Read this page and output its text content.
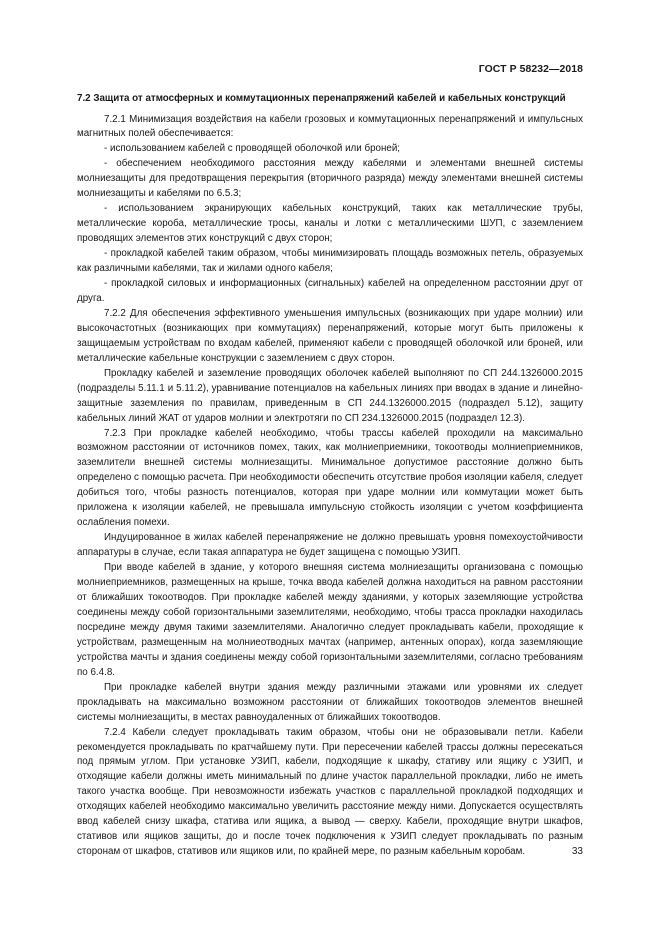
ГОСТ Р 58232—2018
7.2 Защита от атмосферных и коммутационных перенапряжений кабелей и кабельных конструкций

7.2.1 Минимизация воздействия на кабели грозовых и коммутационных перенапряжений и импульсных магнитных полей обеспечивается:

- использованием кабелей с проводящей оболочкой или броней;

- обеспечением необходимого расстояния между кабелями и элементами внешней системы молниезащиты для предотвращения перекрытия (вторичного разряда) между элементами внешней системы молниезащиты и кабелями по 6.5.3;

- использованием экранирующих кабельных конструкций, таких как металлические трубы, металлические короба, металлические тросы, каналы и лотки с металлическими ШУП, с заземлением проводящих элементов этих конструкций с двух сторон;

- прокладкой кабелей таким образом, чтобы минимизировать площадь возможных петель, образуемых как различными кабелями, так и жилами одного кабеля;

- прокладкой силовых и информационных (сигнальных) кабелей на определенном расстоянии друг от друга.

7.2.2 Для обеспечения эффективного уменьшения импульсных (возникающих при ударе молнии) или высокочастотных (возникающих при коммутациях) перенапряжений, которые могут быть приложены к защищаемым устройствам по входам кабелей, применяют кабели с проводящей оболочкой или броней, или металлические кабельные конструкции с заземлением с двух сторон.

Прокладку кабелей и заземление проводящих оболочек кабелей выполняют по СП 244.1326000.2015 (подразделы 5.11.1 и 5.11.2), уравнивание потенциалов на кабельных линиях при вводах в здание и линейно-защитные заземления по правилам, приведенным в СП 244.1326000.2015 (подраздел 5.12), защиту кабельных линий ЖАТ от ударов молнии и электротяги по СП 234.1326000.2015 (подраздел 12.3).

7.2.3 При прокладке кабелей необходимо, чтобы трассы кабелей проходили на максимально возможном расстоянии от источников помех, таких, как молниеприемники, токоотводы молниеприемников, заземлители внешней системы молниезащиты. Минимальное допустимое расстояние должно быть определено с помощью расчета. При необходимости обеспечить отсутствие пробоя изоляции кабеля, следует добиться того, чтобы разность потенциалов, которая при ударе молнии или коммутации может быть приложена к изоляции кабелей, не превышала импульсную стойкость изоляции с учетом коэффициента ослабления помехи.

Индуцированное в жилах кабелей перенапряжение не должно превышать уровня помехоустойчивости аппаратуры в случае, если такая аппаратура не будет защищена с помощью УЗИП.

При вводе кабелей в здание, у которого внешняя система молниезащиты организована с помощью молниеприемников, размещенных на крыше, точка ввода кабелей должна находиться на равном расстоянии от ближайших токоотводов. При прокладке кабелей между зданиями, у которых заземляющие устройства соединены между собой горизонтальными заземлителями, необходимо, чтобы трасса прокладки находилась посредине между двумя такими заземлителями. Аналогично следует прокладывать кабели, проходящие к устройствам, размещенным на молниеотводных мачтах (например, антенных опорах), когда заземляющие устройства мачты и здания соединены между собой горизонтальными заземлителями, согласно требованиям по 6.4.8.

При прокладке кабелей внутри здания между различными этажами или уровнями их следует прокладывать на максимально возможном расстоянии от ближайших токоотводов элементов внешней системы молниезащиты, в местах равноудаленных от ближайших токоотводов.

7.2.4 Кабели следует прокладывать таким образом, чтобы они не образовывали петли. Кабели рекомендуется прокладывать по кратчайшему пути. При пересечении кабелей трассы должны пересекаться под прямым углом. При установке УЗИП, кабели, подходящие к шкафу, стативу или ящику с УЗИП, и отходящие кабели должны иметь минимальный по длине участок параллельной прокладки, либо не иметь такого участка вообще. При невозможности избежать участков с параллельной прокладкой подходящих и отходящих кабелей необходимо максимально увеличить расстояние между ними. Допускается осуществлять ввод кабелей снизу шкафа, статива или ящика, а вывод — сверху. Кабели, проходящие внутри шкафов, стативов или ящиков защиты, до и после точек подключения к УЗИП следует прокладывать по разным сторонам от шкафов, стативов или ящиков или, по крайней мере, по разным кабельным коробам.	33
